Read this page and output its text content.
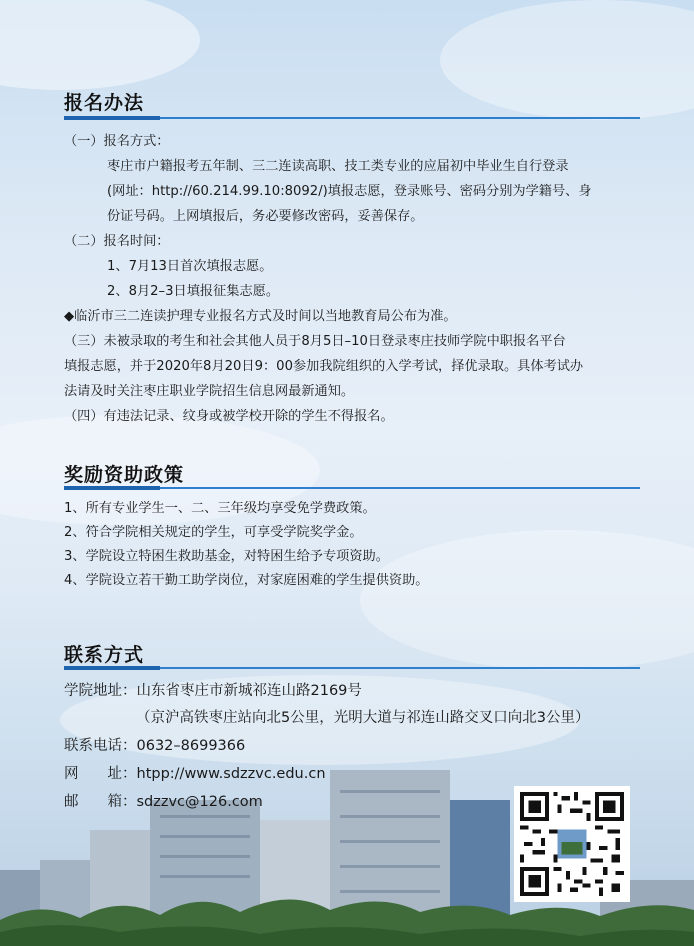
报名办法
（一）报名方式：
枣庄市户籍报考五年制、三二连读高职、技工类专业的应届初中毕业生自行登录
(网址：http://60.214.99.10:8092/)填报志愿，登录账号、密码分别为学籍号、身
份证号码。上网填报后，务必要修改密码，妥善保存。
（二）报名时间：
1、7月13日首次填报志愿。
2、8月2–3日填报征集志愿。
◆临沂市三二连读护理专业报名方式及时间以当地教育局公布为准。
（三）未被录取的考生和社会其他人员于8月5日–10日登录枣庄技师学院中职报名平台
填报志愿，并于2020年8月20日9：00参加我院组织的入学考试，择优录取。具体考试办
法请及时关注枣庄职业学院招生信息网最新通知。
（四）有违法记录、纹身或被学校开除的学生不得报名。
奖励资助政策
1、所有专业学生一、二、三年级均享受免学费政策。
2、符合学院相关规定的学生，可享受学院奖学金。
3、学院设立特困生救助基金，对特困生给予专项资助。
4、学院设立若干勤工助学岗位，对家庭困难的学生提供资助。
联系方式
学院地址：山东省枣庄市新城祁连山路2169号
（京沪高铁枣庄站向北5公里，光明大道与祁连山路交叉口向北3公里）
联系电话：0632–8699366
网　　址：htpp://www.sdzzvc.edu.cn
邮　　箱：sdzzvc@126.com
